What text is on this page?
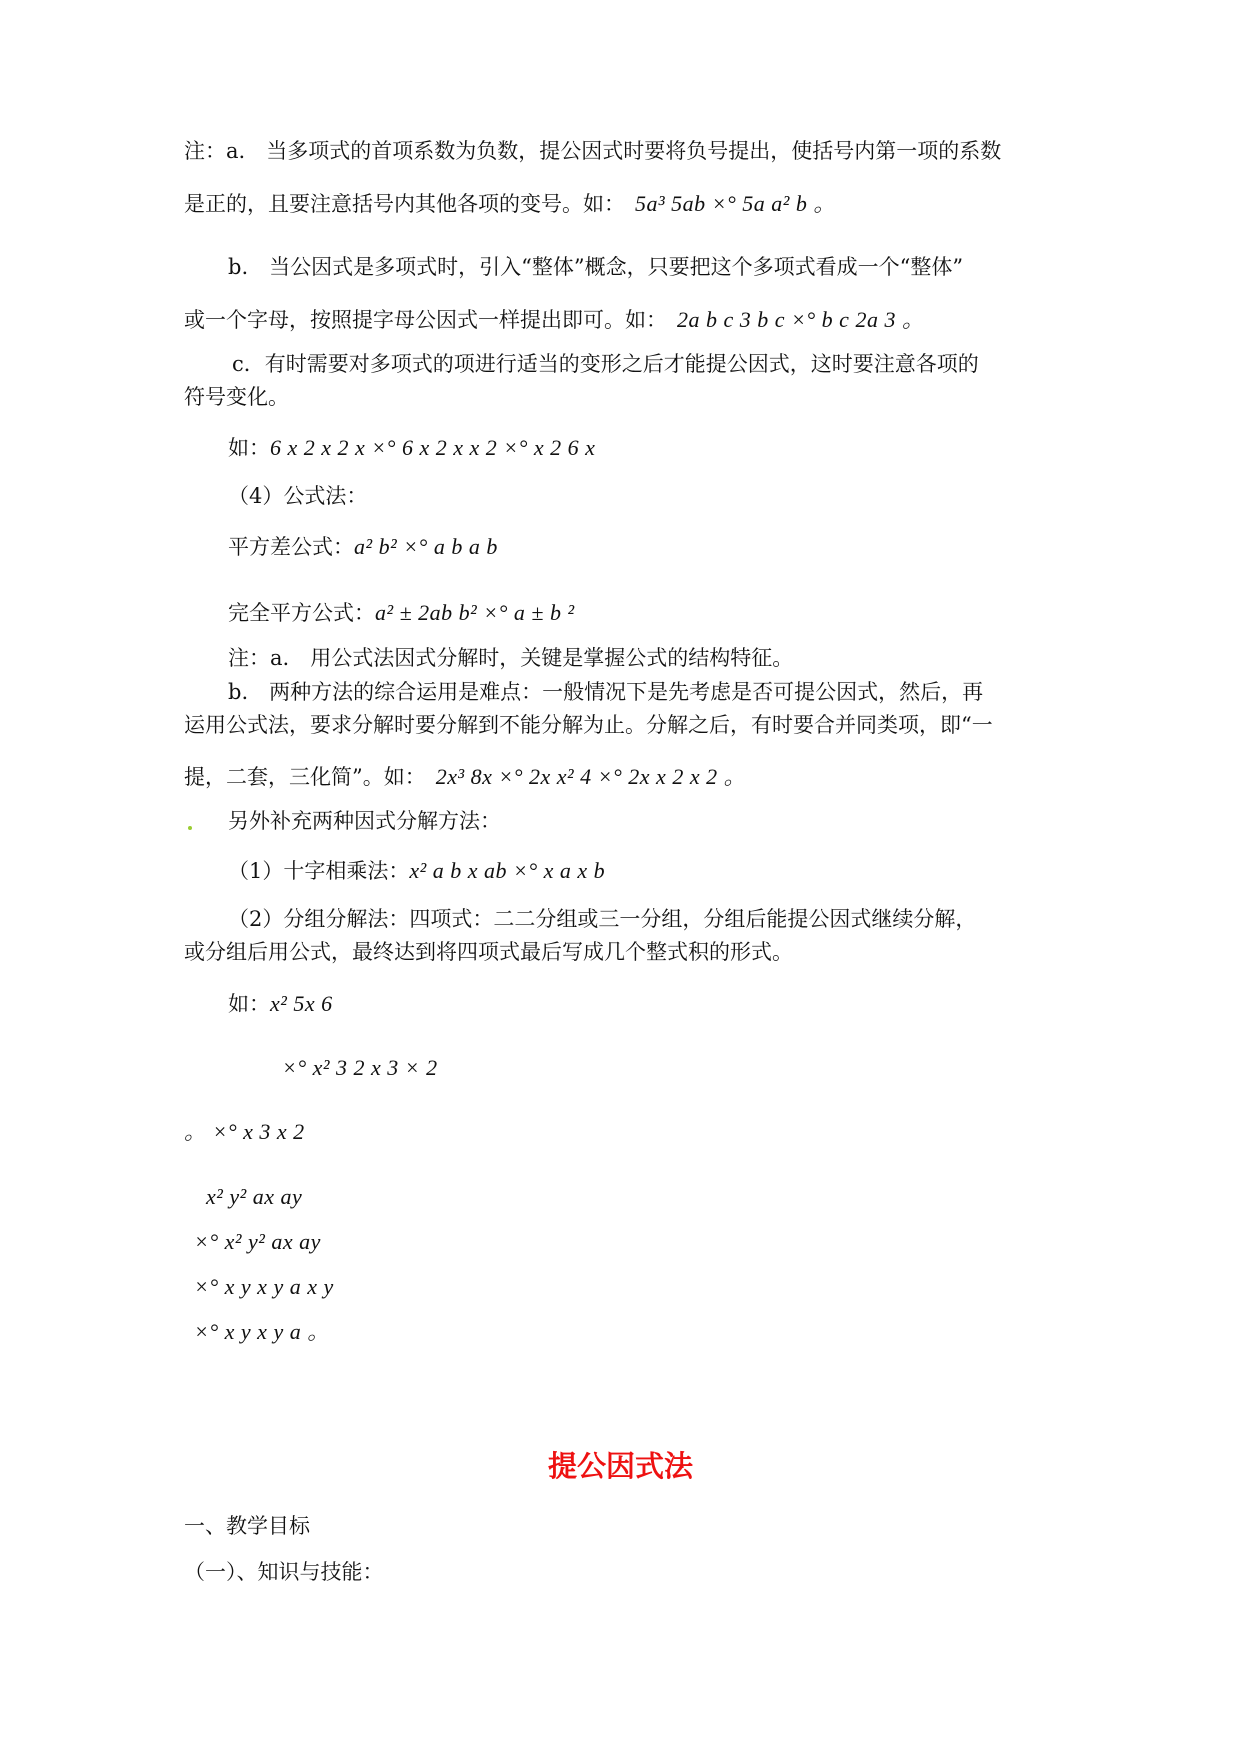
注：a.　当多项式的首项系数为负数，提公因式时要将负号提出，使括号内第一项的系数
是正的，且要注意括号内其他各项的变号。如： 5a³ 5ab ×° 5a a² b 。
b.　当公因式是多项式时，引入“整体”概念，只要把这个多项式看成一个“整体”
或一个字母，按照提字母公因式一样提出即可。如： 2a b c 3 b c ×° b c 2a 3 。
c．有时需要对多项式的项进行适当的变形之后才能提公因式，这时要注意各项的
符号变化。
如：6 x 2 x 2 x ×° 6 x 2 x x 2 ×° x 2 6 x
（4）公式法：
平方差公式：a² b² ×° a b a b
完全平方公式：a² ± 2ab b² ×° a ± b ²
注：a.　用公式法因式分解时，关键是掌握公式的结构特征。
b.　两种方法的综合运用是难点：一般情况下是先考虑是否可提公因式，然后，再
运用公式法，要求分解时要分解到不能分解为止。分解之后，有时要合并同类项，即“一
提，二套，三化简”。如： 2x³ 8x ×° 2x x² 4 ×° 2x x 2 x 2 。
另外补充两种因式分解方法：
（1）十字相乘法：x² a b x ab ×° x a x b
（2）分组分解法：四项式：二二分组或三一分组，分组后能提公因式继续分解，
或分组后用公式，最终达到将四项式最后写成几个整式积的形式。
如：x² 5x 6
×° x² 3 2 x 3 × 2
。 ×° x 3 x 2
x² y² ax ay
×° x² y² ax ay
×° x y x y a x y
×° x y x y a 。
提公因式法
一、教学目标
（一）、知识与技能：
